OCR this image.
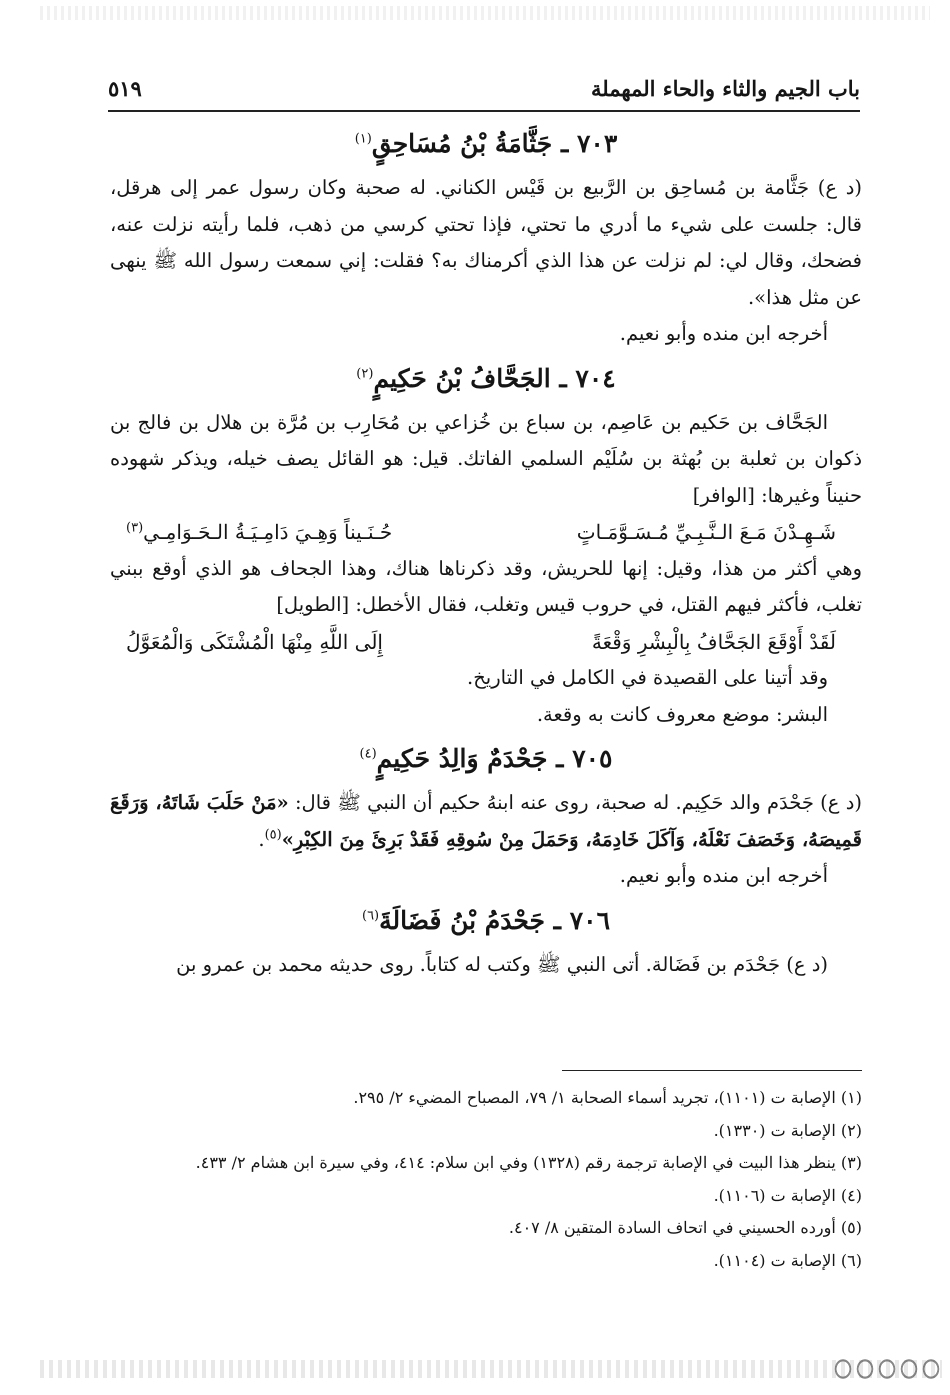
باب الجيم والثاء والحاء المهملة
٥١٩
٧٠٣ ـ جَثَّامَةُ بْنُ مُسَاحِقٍ$^{(١)}$

(د ع) جَثَّامة بن مُساحِق بن الرَّبيع بن قَيْس الكناني. له صحبة وكان رسول عمر إلى هرقل، قال: جلست على شيء ما أدري ما تحتي، فإذا تحتي كرسي من ذهب، فلما رأيته نزلت عنه، فضحك، وقال لي: لم نزلت عن هذا الذي أكرمناك به؟ فقلت: إني سمعت رسول الله ﷺ ينهى عن مثل هذا».

أخرجه ابن منده وأبو نعيم.

٧٠٤ ـ الجَحَّافُ بْنُ حَكِيمٍ$^{(٢)}$

الجَحَّاف بن حَكيم بن عَاصِم، بن سباع بن خُزاعي بن مُحَارِب بن مُرَّة بن هلال بن فالج بن ذكوان بن ثعلبة بن بُهثة بن سُلَيْم السلمي الفاتك. قيل: هو القائل يصف خيله، ويذكر شهوده حنيناً وغيرها: [الوافر]

شَـهِـدْنَ مَـعَ الـنَّـبِـيِّ مُـسَـوَّمَـاتٍ
حُـنَـيناً وَهِـيَ دَامِـيَـةُ الـحَـوَامِـي$^{(٣)}$

وهي أكثر من هذا، وقيل: إنها للحريش، وقد ذكرناها هناك، وهذا الجحاف هو الذي أوقع ببني تغلب، فأكثر فيهم القتل، في حروب قيس وتغلب، فقال الأخطل: [الطويل]

لَقَدْ أَوْقَعَ الجَحَّافُ بِالْبِشْرِ وَقْعَةً
إِلَى اللَّهِ مِنْهَا الْمُشْتَكَى وَالْمُعَوَّلُ

وقد أتينا على القصيدة في الكامل في التاريخ.

البشر: موضع معروف كانت به وقعة.

٧٠٥ ـ جَحْدَمٌ وَالِدُ حَكِيمٍ$^{(٤)}$

(د ع) جَحْدَم والد حَكِيم. له صحبة، روى عنه ابنهُ حكيم أن النبي ﷺ قال: «مَنْ حَلَبَ شَاتَهُ، وَرَقَعَ قَمِيصَهُ، وَخَصَفَ نَعْلَهُ، وَآكَلَ خَادِمَهُ، وَحَمَلَ مِنْ سُوقِهِ فَقَدْ بَرِئَ مِنَ الكِبْرِ»$^{(٥)}$.

أخرجه ابن منده وأبو نعيم.

٧٠٦ ـ جَحْدَمُ بْنُ فَضَالَةَ$^{(٦)}$

(د ع) جَحْدَم بن فَضَالة. أتى النبي ﷺ وكتب له كتاباً. روى حديثه محمد بن عمرو بن

(١) الإصابة ت (١١٠١)، تجريد أسماء الصحابة ١/ ٧٩، المصباح المضيء ٢/ ٢٩٥.

(٢) الإصابة ت (١٣٣٠).

(٣) ينظر هذا البيت في الإصابة ترجمة رقم (١٣٢٨) وفي ابن سلام: ٤١٤، وفي سيرة ابن هشام ٢/ ٤٣٣.

(٤) الإصابة ت (١١٠٦).

(٥) أورده الحسيني في اتحاف السادة المتقين ٨/ ٤٠٧.

(٦) الإصابة ت (١١٠٤).
